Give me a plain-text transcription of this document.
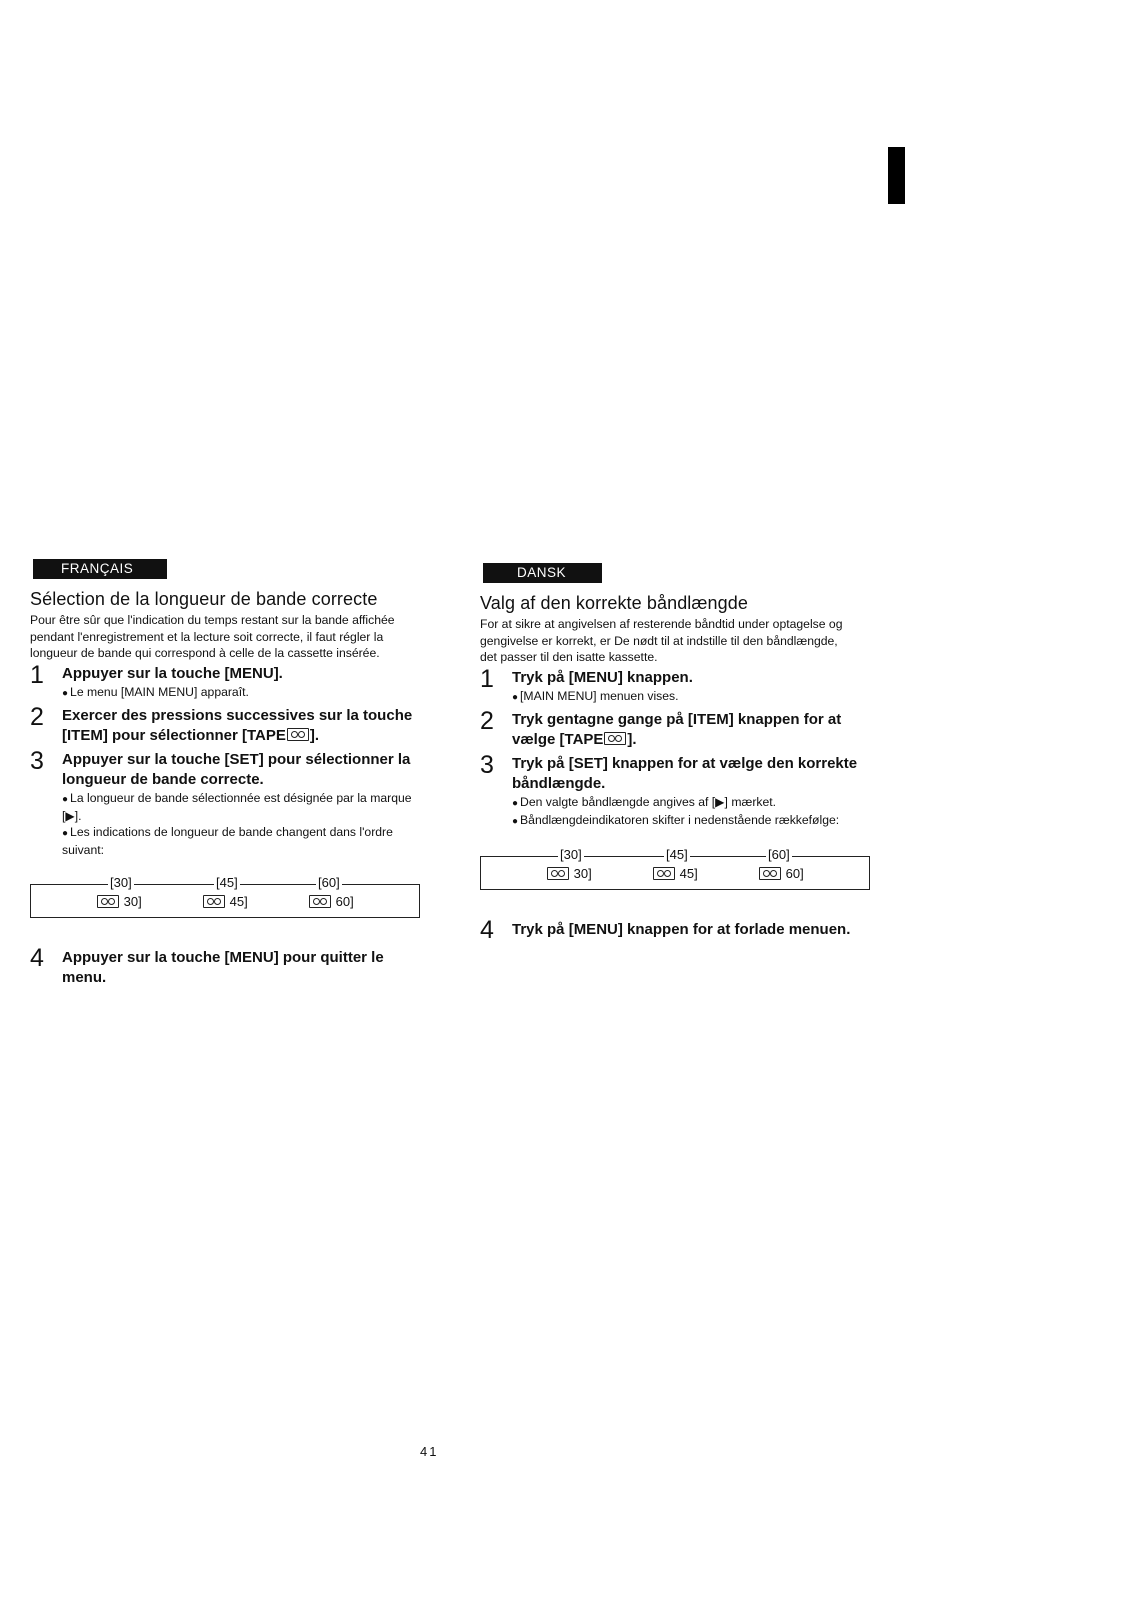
FRANÇAIS
Sélection de la longueur de bande correcte

Pour être sûr que l'indication du temps restant sur la bande affichée pendant l'enregistrement et la lecture soit correcte, il faut régler la longueur de bande qui correspond à celle de la cassette insérée.

1 Appuyer sur la touche [MENU].
● Le menu [MAIN MENU] apparaît.
2 Exercer des pressions successives sur la touche [ITEM] pour sélectionner [TAPE ].
3 Appuyer sur la touche [SET] pour sélectionner la longueur de bande correcte.
● La longueur de bande sélectionnée est désignée par la marque [▶].
● Les indications de longueur de bande changent dans l'ordre suivant:
[30]	[45]	[60]
30]	45]	60]
4 Appuyer sur la touche [MENU] pour quitter le menu.
DANSK
Valg af den korrekte båndlængde

For at sikre at angivelsen af resterende båndtid under optagelse og gengivelse er korrekt, er De nødt til at indstille til den båndlængde, det passer til den isatte kassette.

1 Tryk på [MENU] knappen.
● [MAIN MENU] menuen vises.
2 Tryk gentagne gange på [ITEM] knappen for at vælge [TAPE ].
3 Tryk på [SET] knappen for at vælge den korrekte båndlængde.
● Den valgte båndlængde angives af [▶] mærket.
● Båndlængdeindikatoren skifter i nedenstående rækkefølge:
[30]	[45]	[60]
30]	45]	60]
4 Tryk på [MENU] knappen for at forlade menuen.
41
